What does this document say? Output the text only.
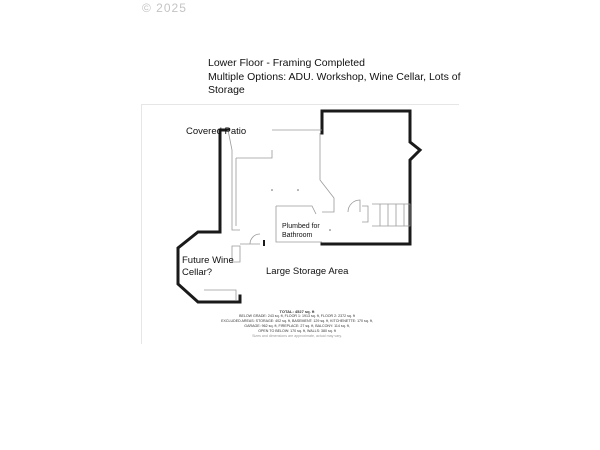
© 2025
Lower Floor - Framing Completed
Multiple Options: ADU. Workshop, Wine Cellar, Lots of
Storage
Covered Patio
Plumbed for
Bathroom
Future Wine
Cellar?	Large Storage Area
TOTAL: 4527 sq. ft
BELOW GRADE: 243 sq. ft, FLOOR 1: 1913 sq. ft, FLOOR 2: 2372 sq. ft
EXCLUDED AREAS: STORAGE: 402 sq. ft, BASEMENT: 129 sq. ft, KITCHENETTE: 170 sq. ft,
GARAGE: 962 sq. ft, FIREPLACE: 27 sq. ft, BALCONY: 114 sq. ft,
OPEN TO BELOW: 170 sq. ft, WALLS: 380 sq. ft
Sizes and dimensions are approximate, actual may vary.
